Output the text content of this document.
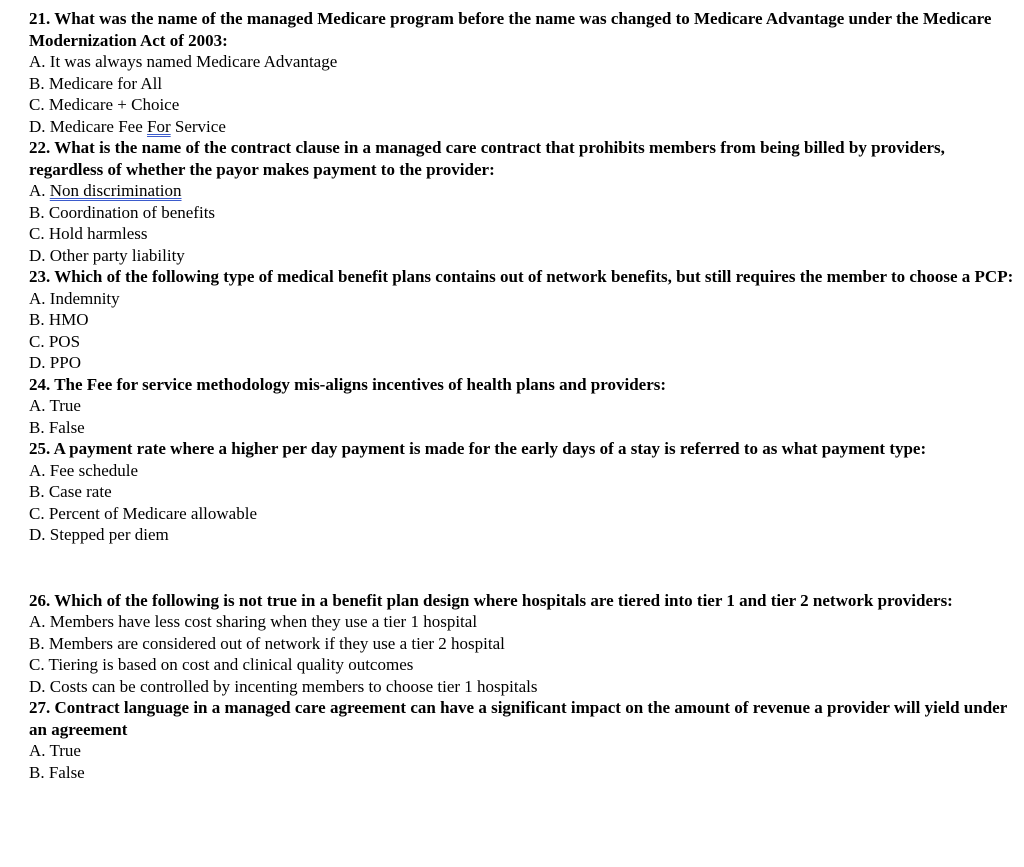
21. What was the name of the managed Medicare program before the name was changed to Medicare Advantage under the Medicare Modernization Act of 2003:

A. It was always named Medicare Advantage

B. Medicare for All

C. Medicare + Choice

D. Medicare Fee For Service

22. What is the name of the contract clause in a managed care contract that prohibits members from being billed by providers, regardless of whether the payor makes payment to the provider:

A. Non discrimination

B. Coordination of benefits

C. Hold harmless

D. Other party liability

23. Which of the following type of medical benefit plans contains out of network benefits, but still requires the member to choose a PCP:

A. Indemnity

B. HMO

C. POS

D. PPO

24. The Fee for service methodology mis-aligns incentives of health plans and providers:

A. True

B. False

25. A payment rate where a higher per day payment is made for the early days of a stay is referred to as what payment type:

A. Fee schedule

B. Case rate

C. Percent of Medicare allowable

D. Stepped per diem

26. Which of the following is not true in a benefit plan design where hospitals are tiered into tier 1 and tier 2 network providers:

A. Members have less cost sharing when they use a tier 1 hospital

B. Members are considered out of network if they use a tier 2 hospital

C. Tiering is based on cost and clinical quality outcomes

D. Costs can be controlled by incenting members to choose tier 1 hospitals

27. Contract language in a managed care agreement can have a significant impact on the amount of revenue a provider will yield under an agreement

A. True

B. False
